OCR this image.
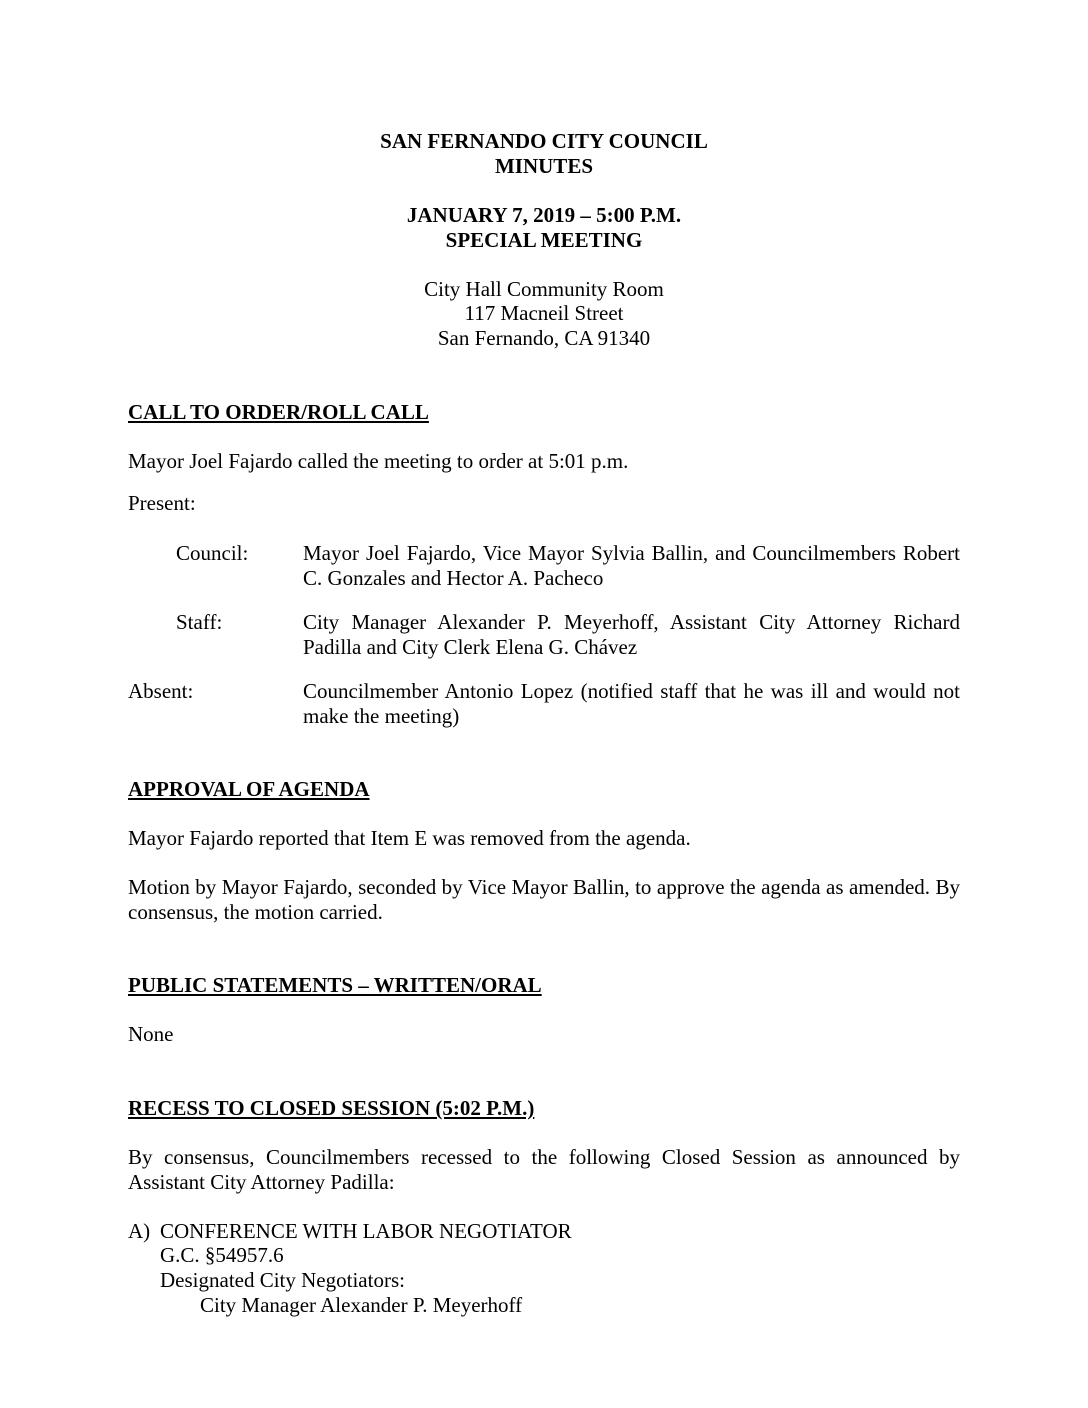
SAN FERNANDO CITY COUNCIL
MINUTES
JANUARY 7, 2019 – 5:00 P.M.
SPECIAL MEETING
City Hall Community Room
117 Macneil Street
San Fernando, CA 91340
CALL TO ORDER/ROLL CALL
Mayor Joel Fajardo called the meeting to order at 5:01 p.m.
Present:
Council:	Mayor Joel Fajardo, Vice Mayor Sylvia Ballin, and Councilmembers Robert C. Gonzales and Hector A. Pacheco
Staff:	City Manager Alexander P. Meyerhoff, Assistant City Attorney Richard Padilla and City Clerk Elena G. Chávez
Absent:	Councilmember Antonio Lopez (notified staff that he was ill and would not make the meeting)
APPROVAL OF AGENDA
Mayor Fajardo reported that Item E was removed from the agenda.
Motion by Mayor Fajardo, seconded by Vice Mayor Ballin, to approve the agenda as amended. By consensus, the motion carried.
PUBLIC STATEMENTS – WRITTEN/ORAL
None
RECESS TO CLOSED SESSION (5:02 P.M.)
By consensus, Councilmembers recessed to the following Closed Session as announced by Assistant City Attorney Padilla:
A) CONFERENCE WITH LABOR NEGOTIATOR
G.C. §54957.6
Designated City Negotiators:
City Manager Alexander P. Meyerhoff
